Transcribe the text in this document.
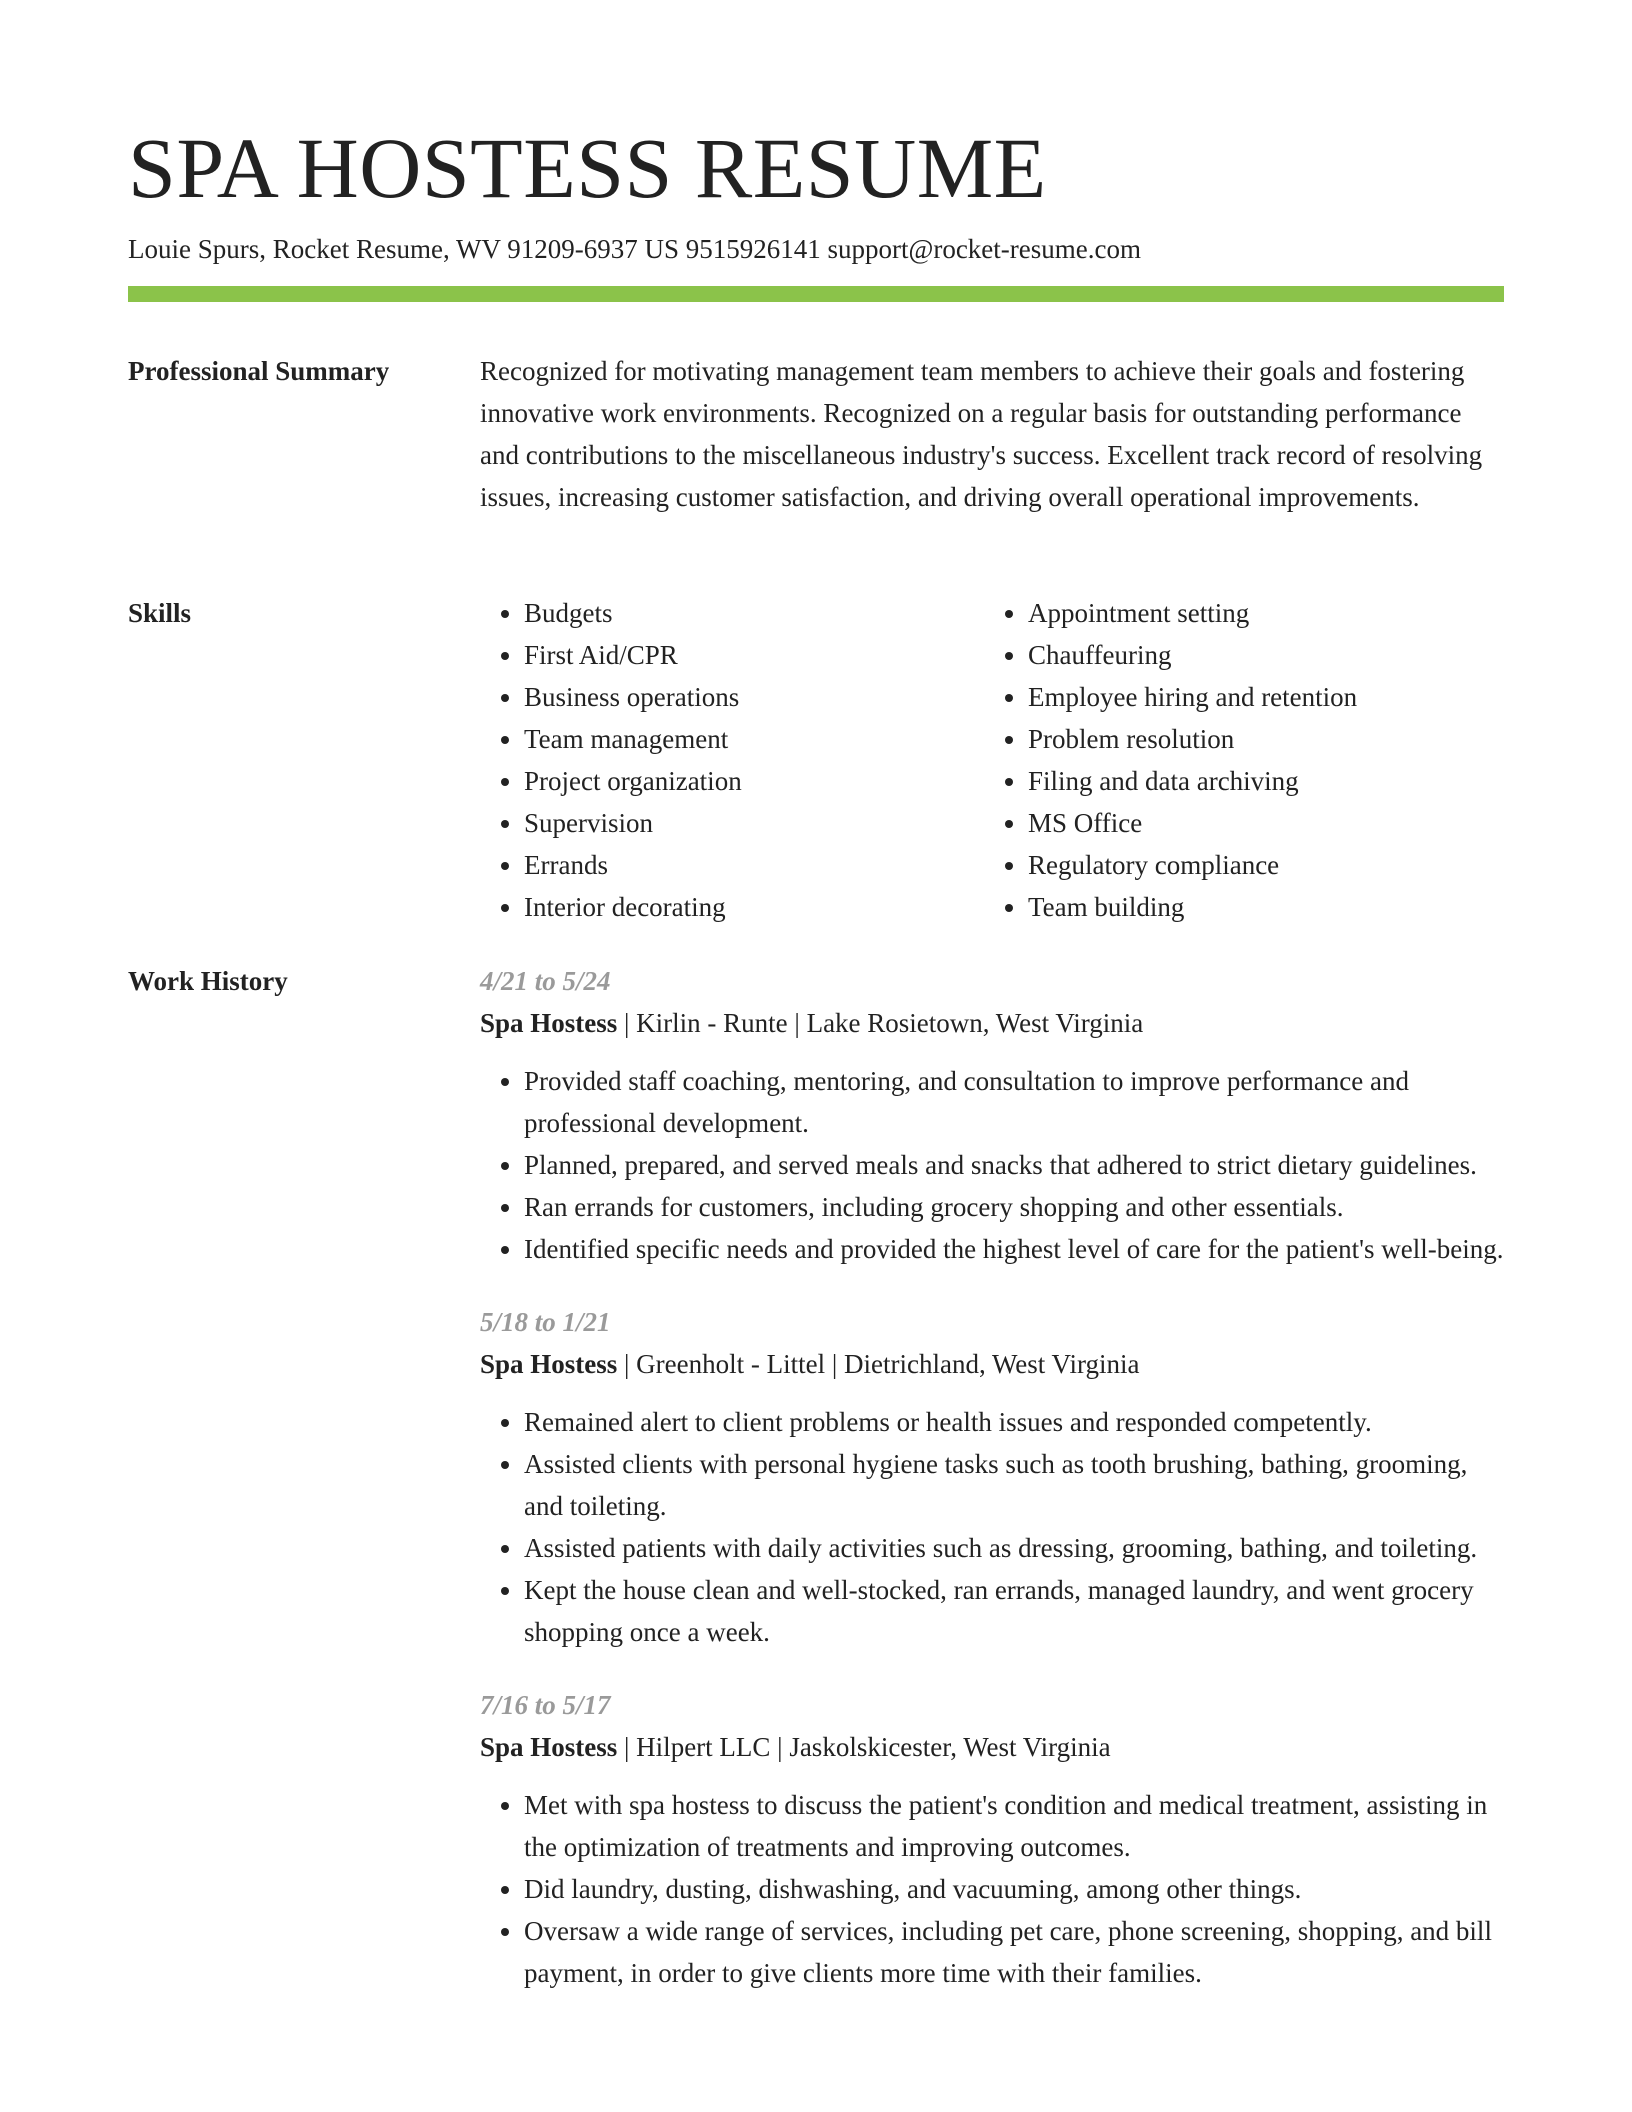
SPA HOSTESS RESUME
Louie Spurs, Rocket Resume, WV 91209-6937 US 9515926141 support@rocket-resume.com
Professional Summary	Recognized for motivating management team members to achieve their goals and fostering innovative work environments. Recognized on a regular basis for outstanding performance and contributions to the miscellaneous industry's success. Excellent track record of resolving issues, increasing customer satisfaction, and driving overall operational improvements.

Skills
•	Budgets
• First Aid/CPR
• Business operations
• Team management
• Project organization
• Supervision
• Errands
• Interior decorating
• Appointment setting
• Chauffeuring
• Employee hiring and retention
• Problem resolution
• Filing and data archiving
• MS Office
• Regulatory compliance
• Team building
Work History	4/21 to 5/24
Spa Hostess | Kirlin - Runte | Lake Rosietown, West Virginia
• Provided staff coaching, mentoring, and consultation to improve performance and professional development.
• Planned, prepared, and served meals and snacks that adhered to strict dietary guidelines.
• Ran errands for customers, including grocery shopping and other essentials.
• Identified specific needs and provided the highest level of care for the patient's well-being.
5/18 to 1/21
Spa Hostess | Greenholt - Littel | Dietrichland, West Virginia
• Remained alert to client problems or health issues and responded competently.
• Assisted clients with personal hygiene tasks such as tooth brushing, bathing, grooming, and toileting.
• Assisted patients with daily activities such as dressing, grooming, bathing, and toileting.
• Kept the house clean and well-stocked, ran errands, managed laundry, and went grocery shopping once a week.
7/16 to 5/17
Spa Hostess | Hilpert LLC | Jaskolskicester, West Virginia
• Met with spa hostess to discuss the patient's condition and medical treatment, assisting in the optimization of treatments and improving outcomes.
• Did laundry, dusting, dishwashing, and vacuuming, among other things.
• Oversaw a wide range of services, including pet care, phone screening, shopping, and bill payment, in order to give clients more time with their families.
